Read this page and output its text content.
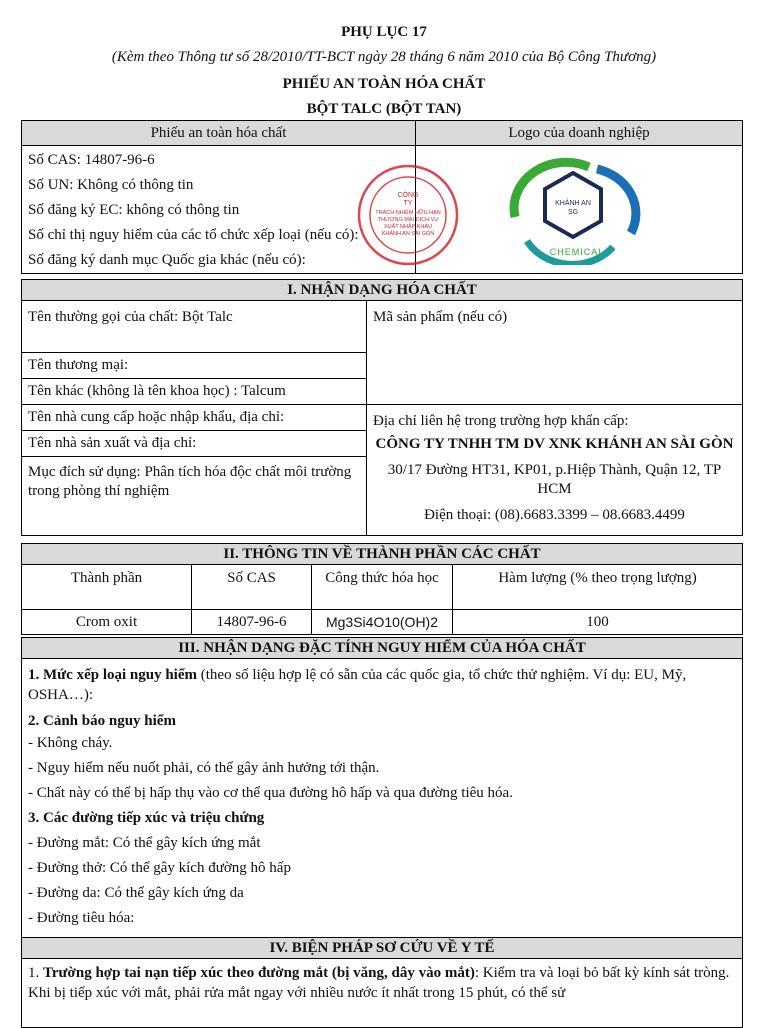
PHỤ LỤC 17
(Kèm theo Thông tư số 28/2010/TT-BCT ngày 28 tháng 6 năm 2010 của Bộ Công Thương)
PHIẾU AN TOÀN HÓA CHẤT
BỘT TALC (BỘT TAN)
Phiếu an toàn hóa chất	Logo của doanh nghiệp

Số CAS: 14807-96-6
Số UN: Không có thông tin
Số đăng ký EC: không có thông tin
Số chỉ thị nguy hiểm của các tổ chức xếp loại (nếu có):
Số đăng ký danh mục Quốc gia khác (nếu có):	

CÔNG
TY
TRÁCH NHIỆM HỮU HẠN
THƯƠNG MẠI DỊCH VỤ
XUẤT NHẬP KHẨU
KHÁNH AN SÀI GÒN
KHÁNH AN
SG
CHEMICAL
I. NHẬN DẠNG HÓA CHẤT	
Tên thường gọi của chất: Bột Talc	Mã sản phẩm (nếu có)
Tên thương mại:	
Tên khác (không là tên khoa học) : Talcum	
Tên nhà cung cấp hoặc nhập khẩu, địa chỉ:	Địa chỉ liên hệ trong trường hợp khẩn cấp:
CÔNG TY TNHH TM DV XNK KHÁNH AN SÀI GÒN
30/17 Đường HT31, KP01, p.Hiệp Thành, Quận 12, TP HCM
Điện thoại: (08).6683.3399 – 08.6683.4499

Tên nhà sản xuất và địa chỉ:	
Mục đích sử dụng: Phân tích hóa độc chất môi trường trong phòng thí nghiệm	
II. THÔNG TIN VỀ THÀNH PHẦN CÁC CHẤT			
Thành phần	Số CAS	Công thức hóa học	Hàm lượng (% theo trọng lượng)
Crom oxit	14807-96-6	Mg3Si4O10(OH)2	100
III. NHẬN DẠNG ĐẶC TÍNH NGUY HIỂM CỦA HÓA CHẤT

1. Mức xếp loại nguy hiểm (theo số liệu hợp lệ có sẵn của các quốc gia, tổ chức thử nghiệm. Ví dụ: EU, Mỹ, OSHA…):
2. Cảnh báo nguy hiểm
- Không cháy.
- Nguy hiểm nếu nuốt phải, có thể gây ảnh hưởng tới thận.
- Chất này có thể bị hấp thụ vào cơ thể qua đường hô hấp và qua đường tiêu hóa.
3. Các đường tiếp xúc và triệu chứng
- Đường mắt: Có thể gây kích ứng mắt
- Đường thở: Có thể gây kích đường hô hấp
- Đường da: Có thể gây kích ứng da
- Đường tiêu hóa:
IV. BIỆN PHÁP SƠ CỨU VỀ Y TẾ
1. Trường hợp tai nạn tiếp xúc theo đường mắt (bị văng, dây vào mắt): Kiểm tra và loại bỏ bất kỳ kính sát tròng. Khi bị tiếp xúc với mắt, phải rửa mắt ngay với nhiều nước ít nhất trong 15 phút, có thể sử
